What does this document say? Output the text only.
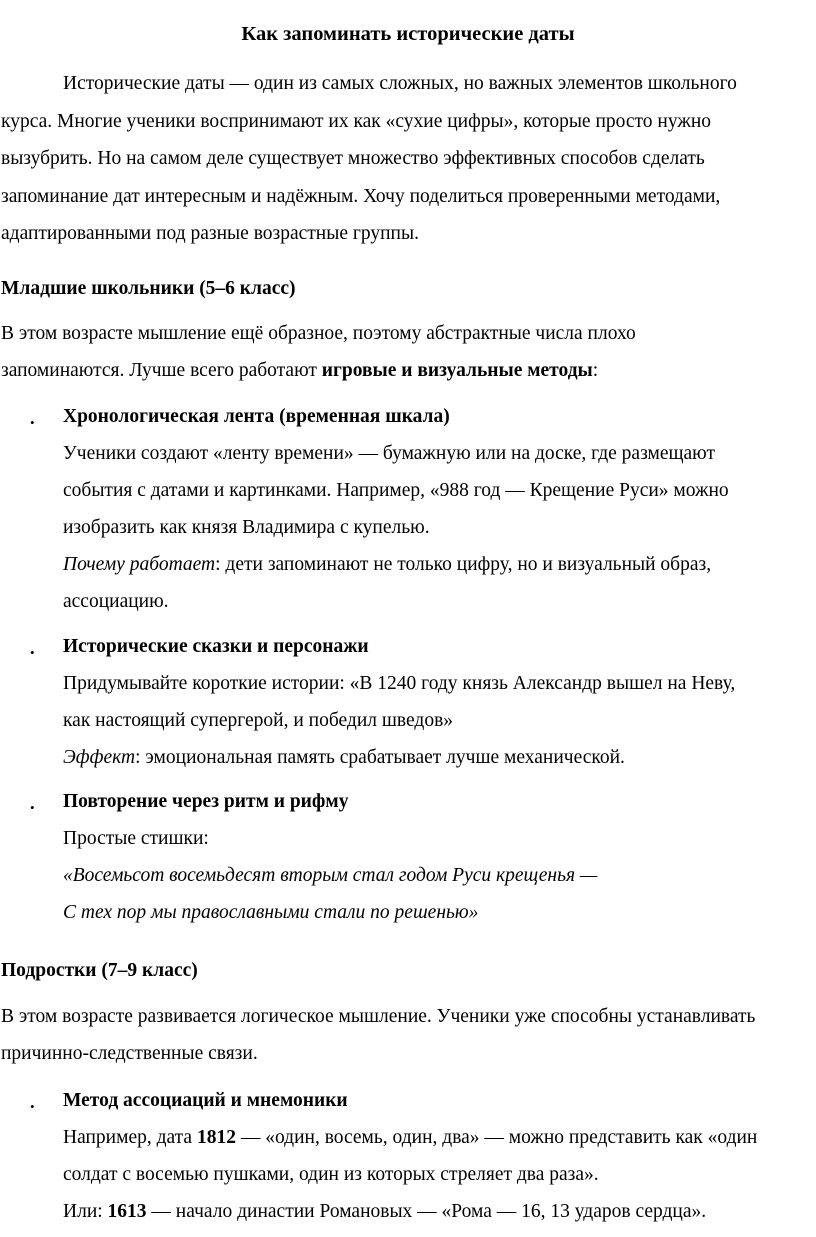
Как запоминать исторические даты

Исторические даты — один из самых сложных, но важных элементов школьного
курса. Многие ученики воспринимают их как «сухие цифры», которые просто нужно
вызубрить. Но на самом деле существует множество эффективных способов сделать
запоминание дат интересным и надёжным. Хочу поделиться проверенными методами,
адаптированными под разные возрастные группы.

Младшие школьники (5–6 класс)

В этом возрасте мышление ещё образное, поэтому абстрактные числа плохо
запоминаются. Лучше всего работают игровые и визуальные методы:

• Хронологическая лента (временная шкала)
Ученики создают «ленту времени» — бумажную или на доске, где размещают
события с датами и картинками. Например, «988 год — Крещение Руси» можно
изобразить как князя Владимира с купелью.
Почему работает: дети запоминают не только цифру, но и визуальный образ,
ассоциацию.
• Исторические сказки и персонажи
Придумывайте короткие истории: «В 1240 году князь Александр вышел на Неву,
как настоящий супергерой, и победил шведов»
Эффект: эмоциональная память срабатывает лучше механической.
• Повторение через ритм и рифму
Простые стишки:
«Восемьсот восемьдесят вторым стал годом Руси крещенья —
С тех пор мы православными стали по решенью»
Подростки (7–9 класс)

В этом возрасте развивается логическое мышление. Ученики уже способны устанавливать
причинно-следственные связи.

• Метод ассоциаций и мнемоники
Например, дата 1812 — «один, восемь, один, два» — можно представить как «один
солдат с восемью пушками, один из которых стреляет два раза».
Или: 1613 — начало династии Романовых — «Рома — 16, 13 ударов сердца».
